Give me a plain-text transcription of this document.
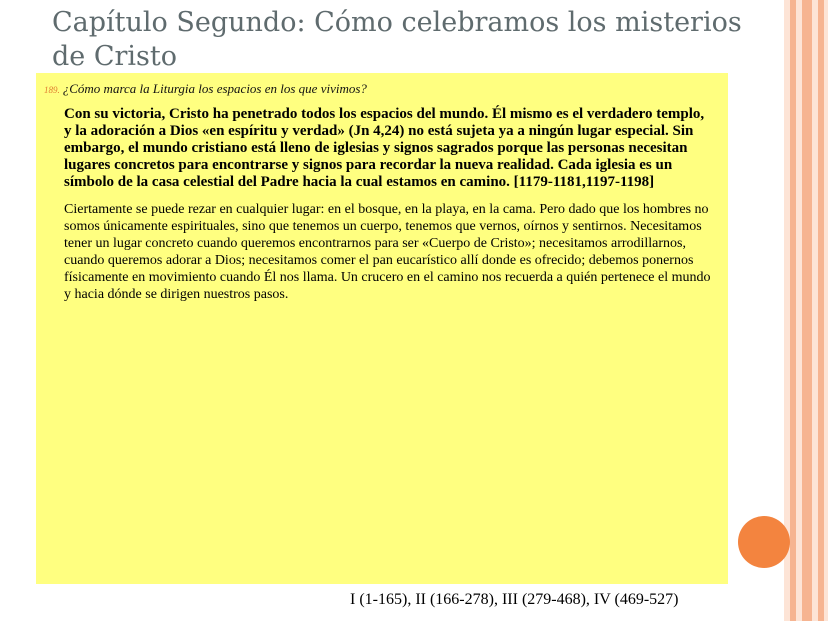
Capítulo Segundo: Cómo celebramos los misterios de Cristo

189. ¿Cómo marca la Liturgia los espacios en los que vivimos?

Con su victoria, Cristo ha penetrado todos los espacios del mundo. Él mismo es el verdadero templo, y la adoración a Dios «en espíritu y verdad» (Jn 4,24) no está sujeta ya a ningún lugar especial. Sin embargo, el mundo cristiano está lleno de iglesias y signos sagrados porque las personas necesitan lugares concretos para encontrarse y signos para recordar la nueva realidad. Cada iglesia es un símbolo de la casa celestial del Padre hacia la cual estamos en camino. [1179-1181,1197-1198]

Ciertamente se puede rezar en cualquier lugar: en el bosque, en la playa, en la cama. Pero dado que los hombres no somos únicamente espirituales, sino que tenemos un cuerpo, tenemos que vernos, oírnos y sentirnos. Necesitamos tener un lugar concreto cuando queremos encontrarnos para ser «Cuerpo de Cristo»; necesitamos arrodillarnos, cuando queremos adorar a Dios; necesitamos comer el pan eucarístico allí donde es ofrecido; debemos ponernos físicamente en movimiento cuando Él nos llama. Un crucero en el camino nos recuerda a quién pertenece el mundo y hacia dónde se dirigen nuestros pasos.

I (1-165), II (166-278), III (279-468), IV (469-527)
